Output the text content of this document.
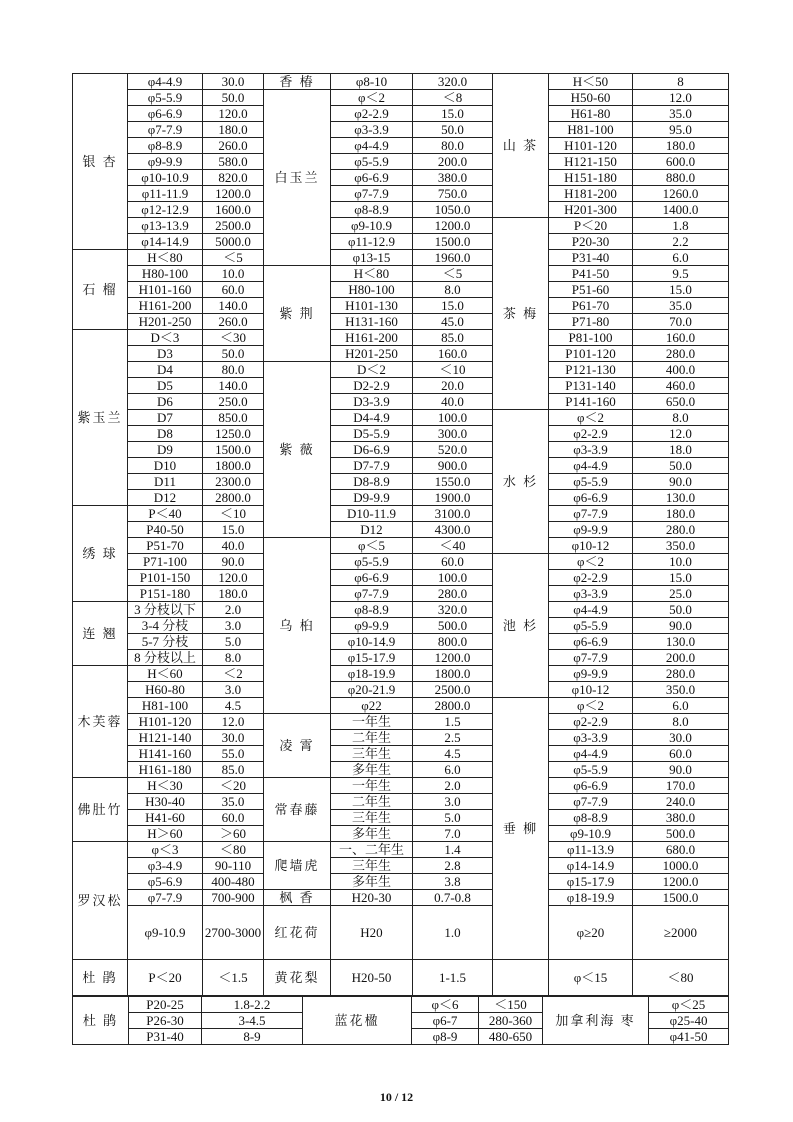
银 杏	φ4-4.9	30.0	香 椿	φ8-10	320.0	山 茶	H＜50	8
	φ5-5.9	50.0	白玉兰	φ＜2	＜8		H50-60	12.0
	φ6-6.9	120.0		φ2-2.9	15.0		H61-80	35.0
	φ7-7.9	180.0		φ3-3.9	50.0		H81-100	95.0
	φ8-8.9	260.0		φ4-4.9	80.0		H101-120	180.0
	φ9-9.9	580.0		φ5-5.9	200.0		H121-150	600.0
	φ10-10.9	820.0		φ6-6.9	380.0		H151-180	880.0
	φ11-11.9	1200.0		φ7-7.9	750.0		H181-200	1260.0
	φ12-12.9	1600.0		φ8-8.9	1050.0		H201-300	1400.0
	φ13-13.9	2500.0		φ9-10.9	1200.0	茶 梅	P＜20	1.8
	φ14-14.9	5000.0		φ11-12.9	1500.0		P20-30	2.2
石 榴	H＜80	＜5		φ13-15	1960.0		P31-40	6.0
	H80-100	10.0	紫 荆	H＜80	＜5		P41-50	9.5
	H101-160	60.0		H80-100	8.0		P51-60	15.0
	H161-200	140.0		H101-130	15.0		P61-70	35.0
	H201-250	260.0		H131-160	45.0		P71-80	70.0
紫玉兰	D＜3	＜30		H161-200	85.0		P81-100	160.0
	D3	50.0		H201-250	160.0		P101-120	280.0
	D4	80.0	紫 薇	D＜2	＜10		P121-130	400.0
	D5	140.0		D2-2.9	20.0		P131-140	460.0
	D6	250.0		D3-3.9	40.0		P141-160	650.0
	D7	850.0		D4-4.9	100.0	水 杉	φ＜2	8.0
	D8	1250.0		D5-5.9	300.0		φ2-2.9	12.0
	D9	1500.0		D6-6.9	520.0		φ3-3.9	18.0
	D10	1800.0		D7-7.9	900.0		φ4-4.9	50.0
	D11	2300.0		D8-8.9	1550.0		φ5-5.9	90.0
	D12	2800.0		D9-9.9	1900.0		φ6-6.9	130.0
绣 球	P＜40	＜10		D10-11.9	3100.0		φ7-7.9	180.0
	P40-50	15.0		D12	4300.0		φ9-9.9	280.0
	P51-70	40.0	乌 桕	φ＜5	＜40		φ10-12	350.0
	P71-100	90.0		φ5-5.9	60.0	池 杉	φ＜2	10.0
	P101-150	120.0		φ6-6.9	100.0		φ2-2.9	15.0
	P151-180	180.0		φ7-7.9	280.0		φ3-3.9	25.0
连 翘	3 分枝以下	2.0		φ8-8.9	320.0		φ4-4.9	50.0
	3-4 分枝	3.0		φ9-9.9	500.0		φ5-5.9	90.0
	5-7 分枝	5.0		φ10-14.9	800.0		φ6-6.9	130.0
	8 分枝以上	8.0		φ15-17.9	1200.0		φ7-7.9	200.0
木芙蓉	H＜60	＜2		φ18-19.9	1800.0		φ9-9.9	280.0
	H60-80	3.0		φ20-21.9	2500.0		φ10-12	350.0
	H81-100	4.5		φ22	2800.0	垂 柳	φ＜2	6.0
	H101-120	12.0	凌 霄	一年生	1.5		φ2-2.9	8.0
	H121-140	30.0		二年生	2.5		φ3-3.9	30.0
	H141-160	55.0		三年生	4.5		φ4-4.9	60.0
	H161-180	85.0		多年生	6.0		φ5-5.9	90.0
佛肚竹	H＜30	＜20	常春藤	一年生	2.0		φ6-6.9	170.0
	H30-40	35.0		二年生	3.0		φ7-7.9	240.0
	H41-60	60.0		三年生	5.0		φ8-8.9	380.0
	H＞60	＞60		多年生	7.0		φ9-10.9	500.0
罗汉松	φ＜3	＜80	爬墙虎	一、二年生	1.4		φ11-13.9	680.0
	φ3-4.9	90-110		三年生	2.8		φ14-14.9	1000.0
	φ5-6.9	400-480		多年生	3.8		φ15-17.9	1200.0
	φ7-7.9	700-900	枫 香	H20-30	0.7-0.8		φ18-19.9	1500.0
	φ9-10.9	2700-3000	红花荷	H20	1.0		φ≥20	≥2000

杜 鹃	P＜20	＜1.5	黄花梨	H20-50	1-1.5		φ＜15	＜80
杜 鹃	P20-25	1.8-2.2	蓝花楹	φ＜6	＜150	加拿利海 枣	φ＜25	
	P26-30	3-4.5		φ6-7	280-360		φ25-40	
	P31-40	8-9		φ8-9	480-650		φ41-50	
10 / 12
